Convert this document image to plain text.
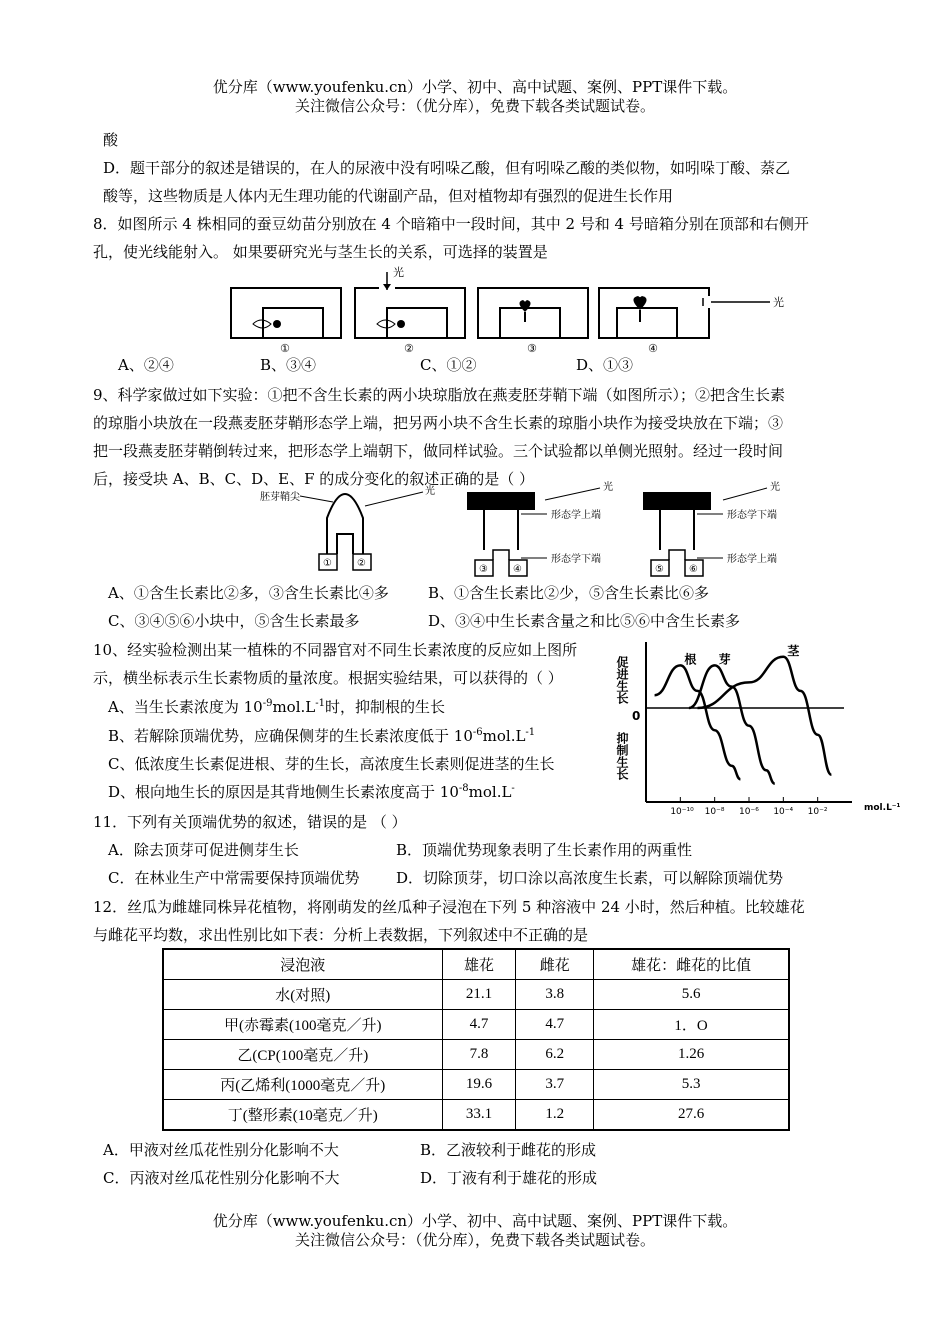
优分库（www.youfenku.cn）小学、初中、高中试题、案例、PPT课件下载。
关注微信公众号：（优分库），免费下载各类试题试卷。
酸
D．题干部分的叙述是错误的，在人的尿液中没有吲哚乙酸，但有吲哚乙酸的类似物，如吲哚丁酸、萘乙
酸等，这些物质是人体内无生理功能的代谢副产品，但对植物却有强烈的促进生长作用
8．如图所示 4 株相同的蚕豆幼苗分别放在 4 个暗箱中一段时间，其中 2 号和 4 号暗箱分别在顶部和右侧开
孔，使光线能射入。 如果要研究光与茎生长的关系，可选择的装置是
光
光
①	②	③	④
A、②④	B、③④	C、①②	D、①③
9、科学家做过如下实验：①把不含生长素的两小块琼脂放在燕麦胚芽鞘下端（如图所示）；②把含生长素
的琼脂小块放在一段燕麦胚芽鞘形态学上端，把另两小块不含生长素的琼脂小块作为接受块放在下端；③
把一段燕麦胚芽鞘倒转过来，把形态学上端朝下，做同样试验。三个试验都以单侧光照射。经过一段时间
后，接受块 A、B、C、D、E、F 的成分变化的叙述正确的是（ ）
胚芽鞘尖
光
①	②
③	④
光
形态学上端
形态学下端
⑤	⑥
光
形态学下端
形态学上端
A、①含生长素比②多，③含生长素比④多	B、①含生长素比②少，⑤含生长素比⑥多
C、③④⑤⑥小块中，⑤含生长素最多	D、③④中生长素含量之和比⑤⑥中含生长素多
10、经实验检测出某一植株的不同器官对不同生长素浓度的反应如上图所
示，横坐标表示生长素物质的量浓度。根据实验结果，可以获得的（ ）
A、当生长素浓度为 $10^{-9}mol.L^{-1}$时，抑制根的生长
B、若解除顶端优势，应确保侧芽的生长素浓度低于 $10^{-6}mol.L^{-1}$
C、低浓度生长素促进根、芽的生长，高浓度生长素则促进茎的生长
D、根向地生长的原因是其背地侧生长素浓度高于 $10^{-8}mol.L^-$
促进生长
抑制生长
0
10⁻¹⁰ 10⁻⁸ 10⁻⁶ 10⁻⁴ 10⁻²	mol.L⁻¹
根 芽
茎
11．下列有关顶端优势的叙述，错误的是 （ ）
A．除去顶芽可促进侧芽生长	B．顶端优势现象表明了生长素作用的两重性
C．在林业生产中常需要保持顶端优势 D．切除顶芽，切口涂以高浓度生长素，可以解除顶端优势
12．丝瓜为雌雄同株异花植物，将刚萌发的丝瓜种子浸泡在下列 5 种溶液中 24 小时，然后种植。比较雄花
与雌花平均数，求出性别比如下表：分析上表数据，下列叙述中不正确的是
浸泡液	雄花	雌花	雄花：雌花的比值
水(对照)	21.1	3.8	5.6
甲(赤霉素(100毫克／升)	4.7	4.7	1．O
乙(CP(100毫克／升)	7.8	6.2	1.26
丙(乙烯利(1000毫克／升)	19.6	3.7	5.3
丁(整形素(10毫克／升)	33.1	1.2	27.6
A．甲液对丝瓜花性别分化影响不大	B．乙液较利于雌花的形成
C．丙液对丝瓜花性别分化影响不大	D．丁液有利于雄花的形成
优分库（www.youfenku.cn）小学、初中、高中试题、案例、PPT课件下载。
关注微信公众号：（优分库），免费下载各类试题试卷。
